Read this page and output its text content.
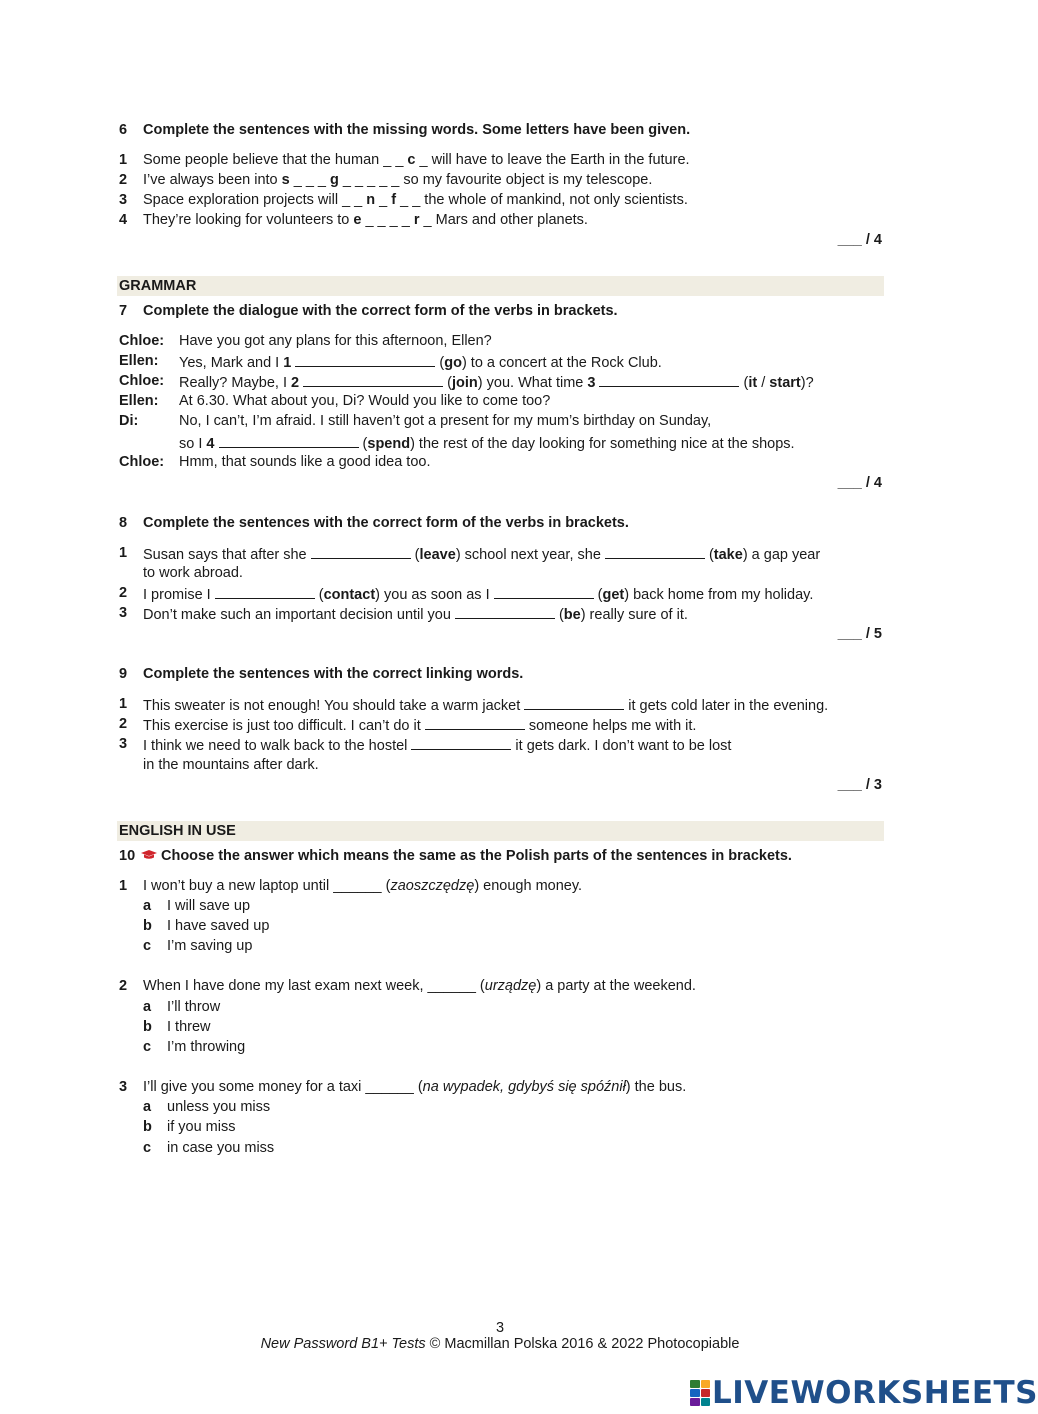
6 Complete the sentences with the missing words. Some letters have been given.
1 Some people believe that the human _ _ c _ will have to leave the Earth in the future.
2 I’ve always been into s _ _ _ g _ _ _ _ _ so my favourite object is my telescope.
3 Space exploration projects will _ _ n _ f _ _ the whole of mankind, not only scientists.
4 They’re looking for volunteers to e _ _ _ _ r _ Mars and other planets.
___ / 4
GRAMMAR
7 Complete the dialogue with the correct form of the verbs in brackets.
Chloe: Have you got any plans for this afternoon, Ellen?
Ellen: Yes, Mark and I 1	(go) to a concert at the Rock Club.
Chloe: Really? Maybe, I 2	(join) you. What time 3	(it / start)?
Ellen: At 6.30. What about you, Di? Would you like to come too?
Di:	No, I can’t, I’m afraid. I still haven’t got a present for my mum’s birthday on Sunday,
so I 4	(spend) the rest of the day looking for something nice at the shops.
Chloe: Hmm, that sounds like a good idea too.
___ / 4
8 Complete the sentences with the correct form of the verbs in brackets.
1 Susan says that after she	(leave) school next year, she	(take) a gap year
to work abroad.
2 I promise I	(contact) you as soon as I	(get) back home from my holiday.
3 Don’t make such an important decision until you	(be) really sure of it.
___ / 5
9 Complete the sentences with the correct linking words.
1 This sweater is not enough! You should take a warm jacket	it gets cold later in the evening.
2 This exercise is just too difficult. I can’t do it	someone helps me with it.
3 I think we need to walk back to the hostel	it gets dark. I don’t want to be lost
in the mountains after dark.
___ / 3
ENGLISH IN USE
10 Choose the answer which means the same as the Polish parts of the sentences in brackets.
1 I won’t buy a new laptop until ______ (zaoszczędzę) enough money.
a I will save up
b I have saved up
c I’m saving up
2 When I have done my last exam next week, ______ (urządzę) a party at the weekend.
a I’ll throw
b I threw
c I’m throwing
3 I’ll give you some money for a taxi ______ (na wypadek, gdybyś się spóźnił) the bus.
a unless you miss
b if you miss
c in case you miss
3
New Password B1+ Tests © Macmillan Polska 2016 & 2022 Photocopiable
LIVEWORKSHEETS
